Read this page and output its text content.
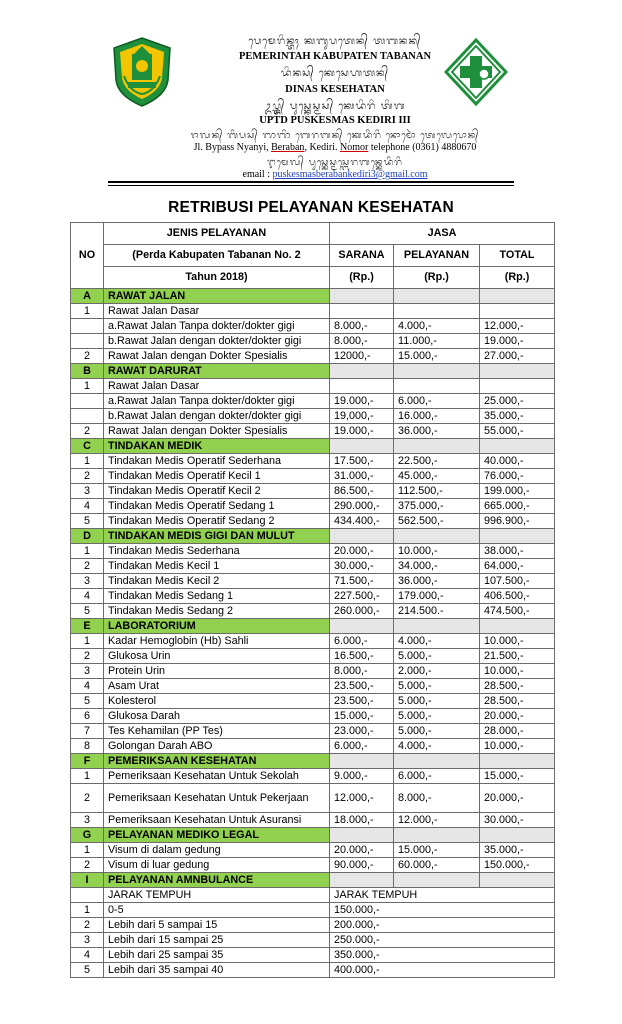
ᬧᬾᬫᬾᬭᬶᬦ᭄ᬢᬄ ᬓᬩᬸᬧᬢᬾᬦ᭄ ᬢᬩᬦᬦ᭄
PEMERINTAH KABUPATEN TABANAN
ᬤᬶᬦᬲ᭄ ᬓᬾᬲᬾᬳᬢᬦ᭄
DINAS KESEHATAN
ᬉᬧ᭄ᬢ᭄ᬤ᭄ ᬧᬸᬲ᭄ᬓᬾᬲ᭄ᬫᬲ᭄ ᬓᬾᬤᬶᬭᬶ ᬢᬶᬕ
UPTD PUSKESMAS KEDIRI III
ᬚᬮᬦ᭄ ᬩᬶᬧᬲ᭄ ᬜᬜᬶ ᬩᬾᬭᬩᬦ᭄ ᬓᬾᬤᬶᬭᬶ ᬦᭀᬫᭀᬃ ᬢᬾᬮᬾᬧᭀᬦ᭄
Jl. Bypass Nyanyi, Beraban, Kediri. Nomor telephone (0361) 4880670
ᬇᬫᬾᬮ᭄ ᬧᬸᬲ᭄ᬓᬾᬲ᭄ᬫᬲ᭄ᬩᬾᬭᬩᬦ᭄ᬓᬾᬤᬶᬭᬶ
email : puskesmasberabankediri3@gmail.com
RETRIBUSI PELAYANAN KESEHATAN
NO	JENIS PELAYANAN	JASA		
	(Perda Kabupaten Tabanan No. 2	SARANA	PELAYANAN	TOTAL
	Tahun 2018)	(Rp.)	(Rp.)	(Rp.)
A	RAWAT JALAN			
1	Rawat Jalan Dasar			
	a.Rawat Jalan Tanpa dokter/dokter gigi	8.000,-	4.000,-	12.000,-
	b.Rawat Jalan dengan dokter/dokter gigi	8.000,-	11.000,-	19.000,-
2	Rawat Jalan dengan Dokter Spesialis	12000,-	15.000,-	27.000,-
B	RAWAT DARURAT			
1	Rawat Jalan Dasar			
	a.Rawat Jalan Tanpa dokter/dokter gigi	19.000,-	6.000,-	25.000,-
	b.Rawat Jalan dengan dokter/dokter gigi	19,000,-	16.000,-	35.000,-
2	Rawat Jalan dengan Dokter Spesialis	19.000,-	36.000,-	55.000,-
C	TINDAKAN MEDIK			
1	Tindakan Medis Operatif Sederhana	17.500,-	22.500,-	40.000,-
2	Tindakan Medis Operatif Kecil 1	31.000,-	45.000,-	76.000,-
3	Tindakan Medis Operatif Kecil 2	86.500,-	112.500,-	199.000,-
4	Tindakan Medis Operatif Sedang 1	290.000,-	375.000,-	665.000,-
5	Tindakan Medis Operatif Sedang 2	434.400,-	562.500,-	996.900,-
D	TINDAKAN MEDIS GIGI DAN MULUT			
1	Tindakan Medis Sederhana	20.000,-	10.000,-	38.000,-
2	Tindakan Medis Kecil 1	30.000,-	34.000,-	64.000,-
3	Tindakan Medis Kecil 2	71.500,-	36.000,-	107.500,-
4	Tindakan Medis Sedang 1	227.500,-	179.000,-	406.500,-
5	Tindakan Medis Sedang 2	260.000,-	214.500.-	474.500,-
E	LABORATORIUM			
1	Kadar Hemoglobin (Hb) Sahli	6.000,-	4.000,-	10.000,-
2	Glukosa Urin	16.500,-	5.000,-	21.500,-
3	Protein Urin	8.000,-	2.000,-	10.000,-
4	Asam Urat	23.500,-	5.000,-	28.500,-
5	Kolesterol	23.500,-	5.000,-	28.500,-
6	Glukosa Darah	15.000,-	5.000,-	20.000,-
7	Tes Kehamilan (PP Tes)	23.000,-	5.000,-	28.000,-
8	Golongan Darah ABO	6.000,-	4.000,-	10.000,-
F	PEMERIKSAAN KESEHATAN			
1	Pemeriksaan Kesehatan Untuk Sekolah	9.000,-	6.000,-	15.000,-
2	Pemeriksaan Kesehatan Untuk Pekerjaan	12.000,-	8.000,-	20.000,-
3	Pemeriksaan Kesehatan Untuk Asuransi	18.000,-	12.000,-	30.000,-
G	PELAYANAN MEDIKO LEGAL			
1	Visum di dalam gedung	20.000,-	15.000,-	35.000,-
2	Visum di luar gedung	90.000,-	60.000,-	150.000,-
I	PELAYANAN AMNBULANCE			
	JARAK TEMPUH	JARAK TEMPUH		
1	0-5	150.000,-		
2	Lebih dari 5 sampai 15	200.000,-		
3	Lebih dari 15 sampai 25	250.000,-		
4	Lebih dari 25 sampai 35	350.000,-		
5	Lebih dari 35 sampai 40	400.000,-		
